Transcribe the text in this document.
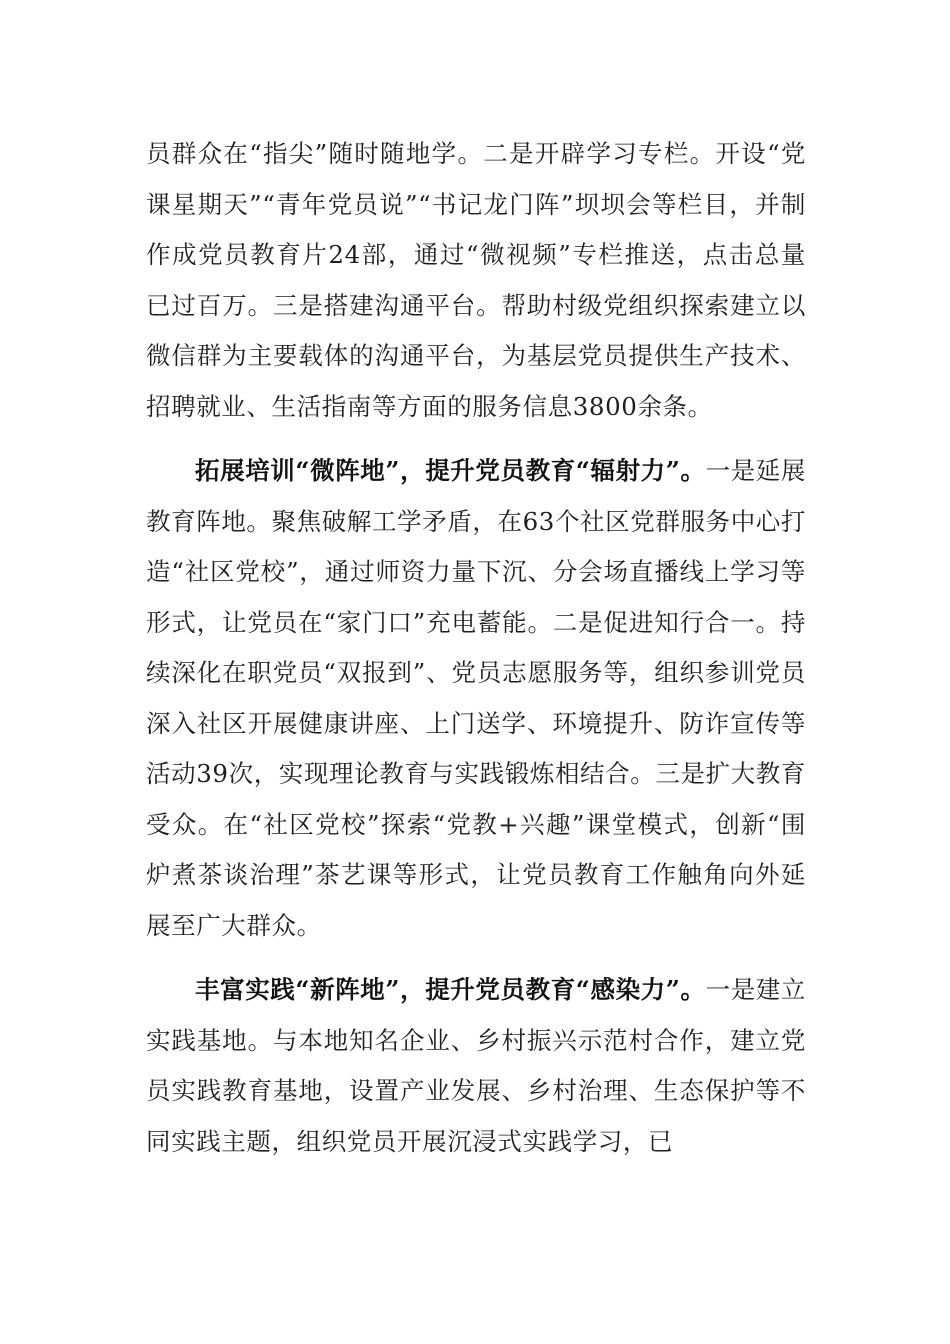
员群众在“指尖”随时随地学。二是开辟学习专栏。开设“党课星期天”“青年党员说”“书记龙门阵”坝坝会等栏目，并制作成党员教育片24部，通过“微视频”专栏推送，点击总量已过百万。三是搭建沟通平台。帮助村级党组织探索建立以微信群为主要载体的沟通平台，为基层党员提供生产技术、招聘就业、生活指南等方面的服务信息3800余条。

拓展培训“微阵地”，提升党员教育“辐射力”。一是延展教育阵地。聚焦破解工学矛盾，在63个社区党群服务中心打造“社区党校”，通过师资力量下沉、分会场直播线上学习等形式，让党员在“家门口”充电蓄能。二是促进知行合一。持续深化在职党员“双报到”、党员志愿服务等，组织参训党员深入社区开展健康讲座、上门送学、环境提升、防诈宣传等活动39次，实现理论教育与实践锻炼相结合。三是扩大教育受众。在“社区党校”探索“党教+兴趣”课堂模式，创新“围炉煮茶谈治理”茶艺课等形式，让党员教育工作触角向外延展至广大群众。

丰富实践“新阵地”，提升党员教育“感染力”。一是建立实践基地。与本地知名企业、乡村振兴示范村合作，建立党员实践教育基地，设置产业发展、乡村治理、生态保护等不同实践主题，组织党员开展沉浸式实践学习，已
